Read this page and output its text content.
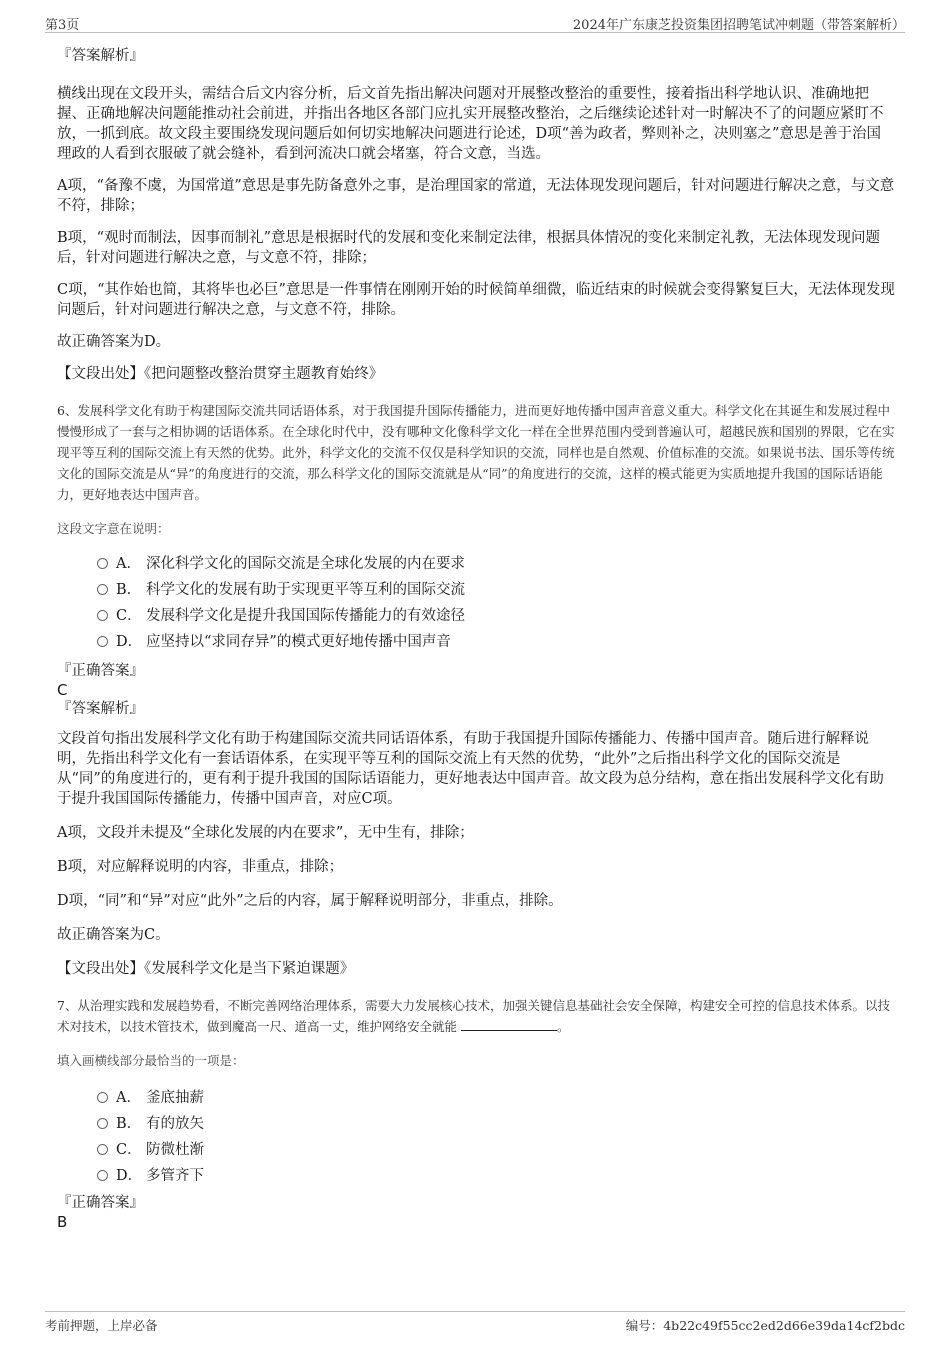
第3页	2024年广东康芝投资集团招聘笔试冲刺题（带答案解析）

『答案解析』

横线出现在文段开头，需结合后文内容分析，后文首先指出解决问题对开展整改整治的重要性，接着指出科学地认识、准确地把握、正确地解决问题能推动社会前进，并指出各地区各部门应扎实开展整改整治，之后继续论述针对一时解决不了的问题应紧盯不放，一抓到底。故文段主要围绕发现问题后如何切实地解决问题进行论述，D项“善为政者，弊则补之，决则塞之”意思是善于治国理政的人看到衣服破了就会缝补，看到河流决口就会堵塞，符合文意，当选。

A项，“备豫不虞，为国常道”意思是事先防备意外之事，是治理国家的常道，无法体现发现问题后，针对问题进行解决之意，与文意不符，排除；

B项，“观时而制法，因事而制礼”意思是根据时代的发展和变化来制定法律，根据具体情况的变化来制定礼教，无法体现发现问题后，针对问题进行解决之意，与文意不符，排除；

C项，“其作始也简，其将毕也必巨”意思是一件事情在刚刚开始的时候简单细微，临近结束的时候就会变得繁复巨大，无法体现发现问题后，针对问题进行解决之意，与文意不符，排除。

故正确答案为D。

【文段出处】《把问题整改整治贯穿主题教育始终》

6、发展科学文化有助于构建国际交流共同话语体系，对于我国提升国际传播能力，进而更好地传播中国声音意义重大。科学文化在其诞生和发展过程中慢慢形成了一套与之相协调的话语体系。在全球化时代中，没有哪种文化像科学文化一样在全世界范围内受到普遍认可，超越民族和国别的界限，它在实现平等互利的国际交流上有天然的优势。此外，科学文化的交流不仅仅是科学知识的交流，同样也是自然观、价值标准的交流。如果说书法、国乐等传统文化的国际交流是从“异”的角度进行的交流，那么科学文化的国际交流就是从“同”的角度进行的交流，这样的模式能更为实质地提升我国的国际话语能力，更好地表达中国声音。

这段文字意在说明：

A． 深化科学文化的国际交流是全球化发展的内在要求
B． 科学文化的发展有助于实现更平等互利的国际交流
C． 发展科学文化是提升我国国际传播能力的有效途径
D． 应坚持以“求同存异”的模式更好地传播中国声音

『正确答案』

C

『答案解析』

文段首句指出发展科学文化有助于构建国际交流共同话语体系，有助于我国提升国际传播能力、传播中国声音。随后进行解释说明，先指出科学文化有一套话语体系，在实现平等互利的国际交流上有天然的优势，“此外”之后指出科学文化的国际交流是从“同”的角度进行的，更有利于提升我国的国际话语能力，更好地表达中国声音。故文段为总分结构，意在指出发展科学文化有助于提升我国国际传播能力，传播中国声音，对应C项。

A项，文段并未提及“全球化发展的内在要求”，无中生有，排除；

B项，对应解释说明的内容，非重点，排除；

D项，“同”和“异”对应“此外”之后的内容，属于解释说明部分，非重点，排除。

故正确答案为C。

【文段出处】《发展科学文化是当下紧迫课题》

7、从治理实践和发展趋势看，不断完善网络治理体系，需要大力发展核心技术，加强关键信息基础社会安全保障，构建安全可控的信息技术体系。以技术对技术，以技术管技术，做到魔高一尺、道高一丈，维护网络安全就能	。

填入画横线部分最恰当的一项是：

A． 釜底抽薪
B． 有的放矢
C． 防微杜渐
D． 多管齐下

『正确答案』

B

考前押题，上岸必备	编号：4b22c49f55cc2ed2d66e39da14cf2bdc
